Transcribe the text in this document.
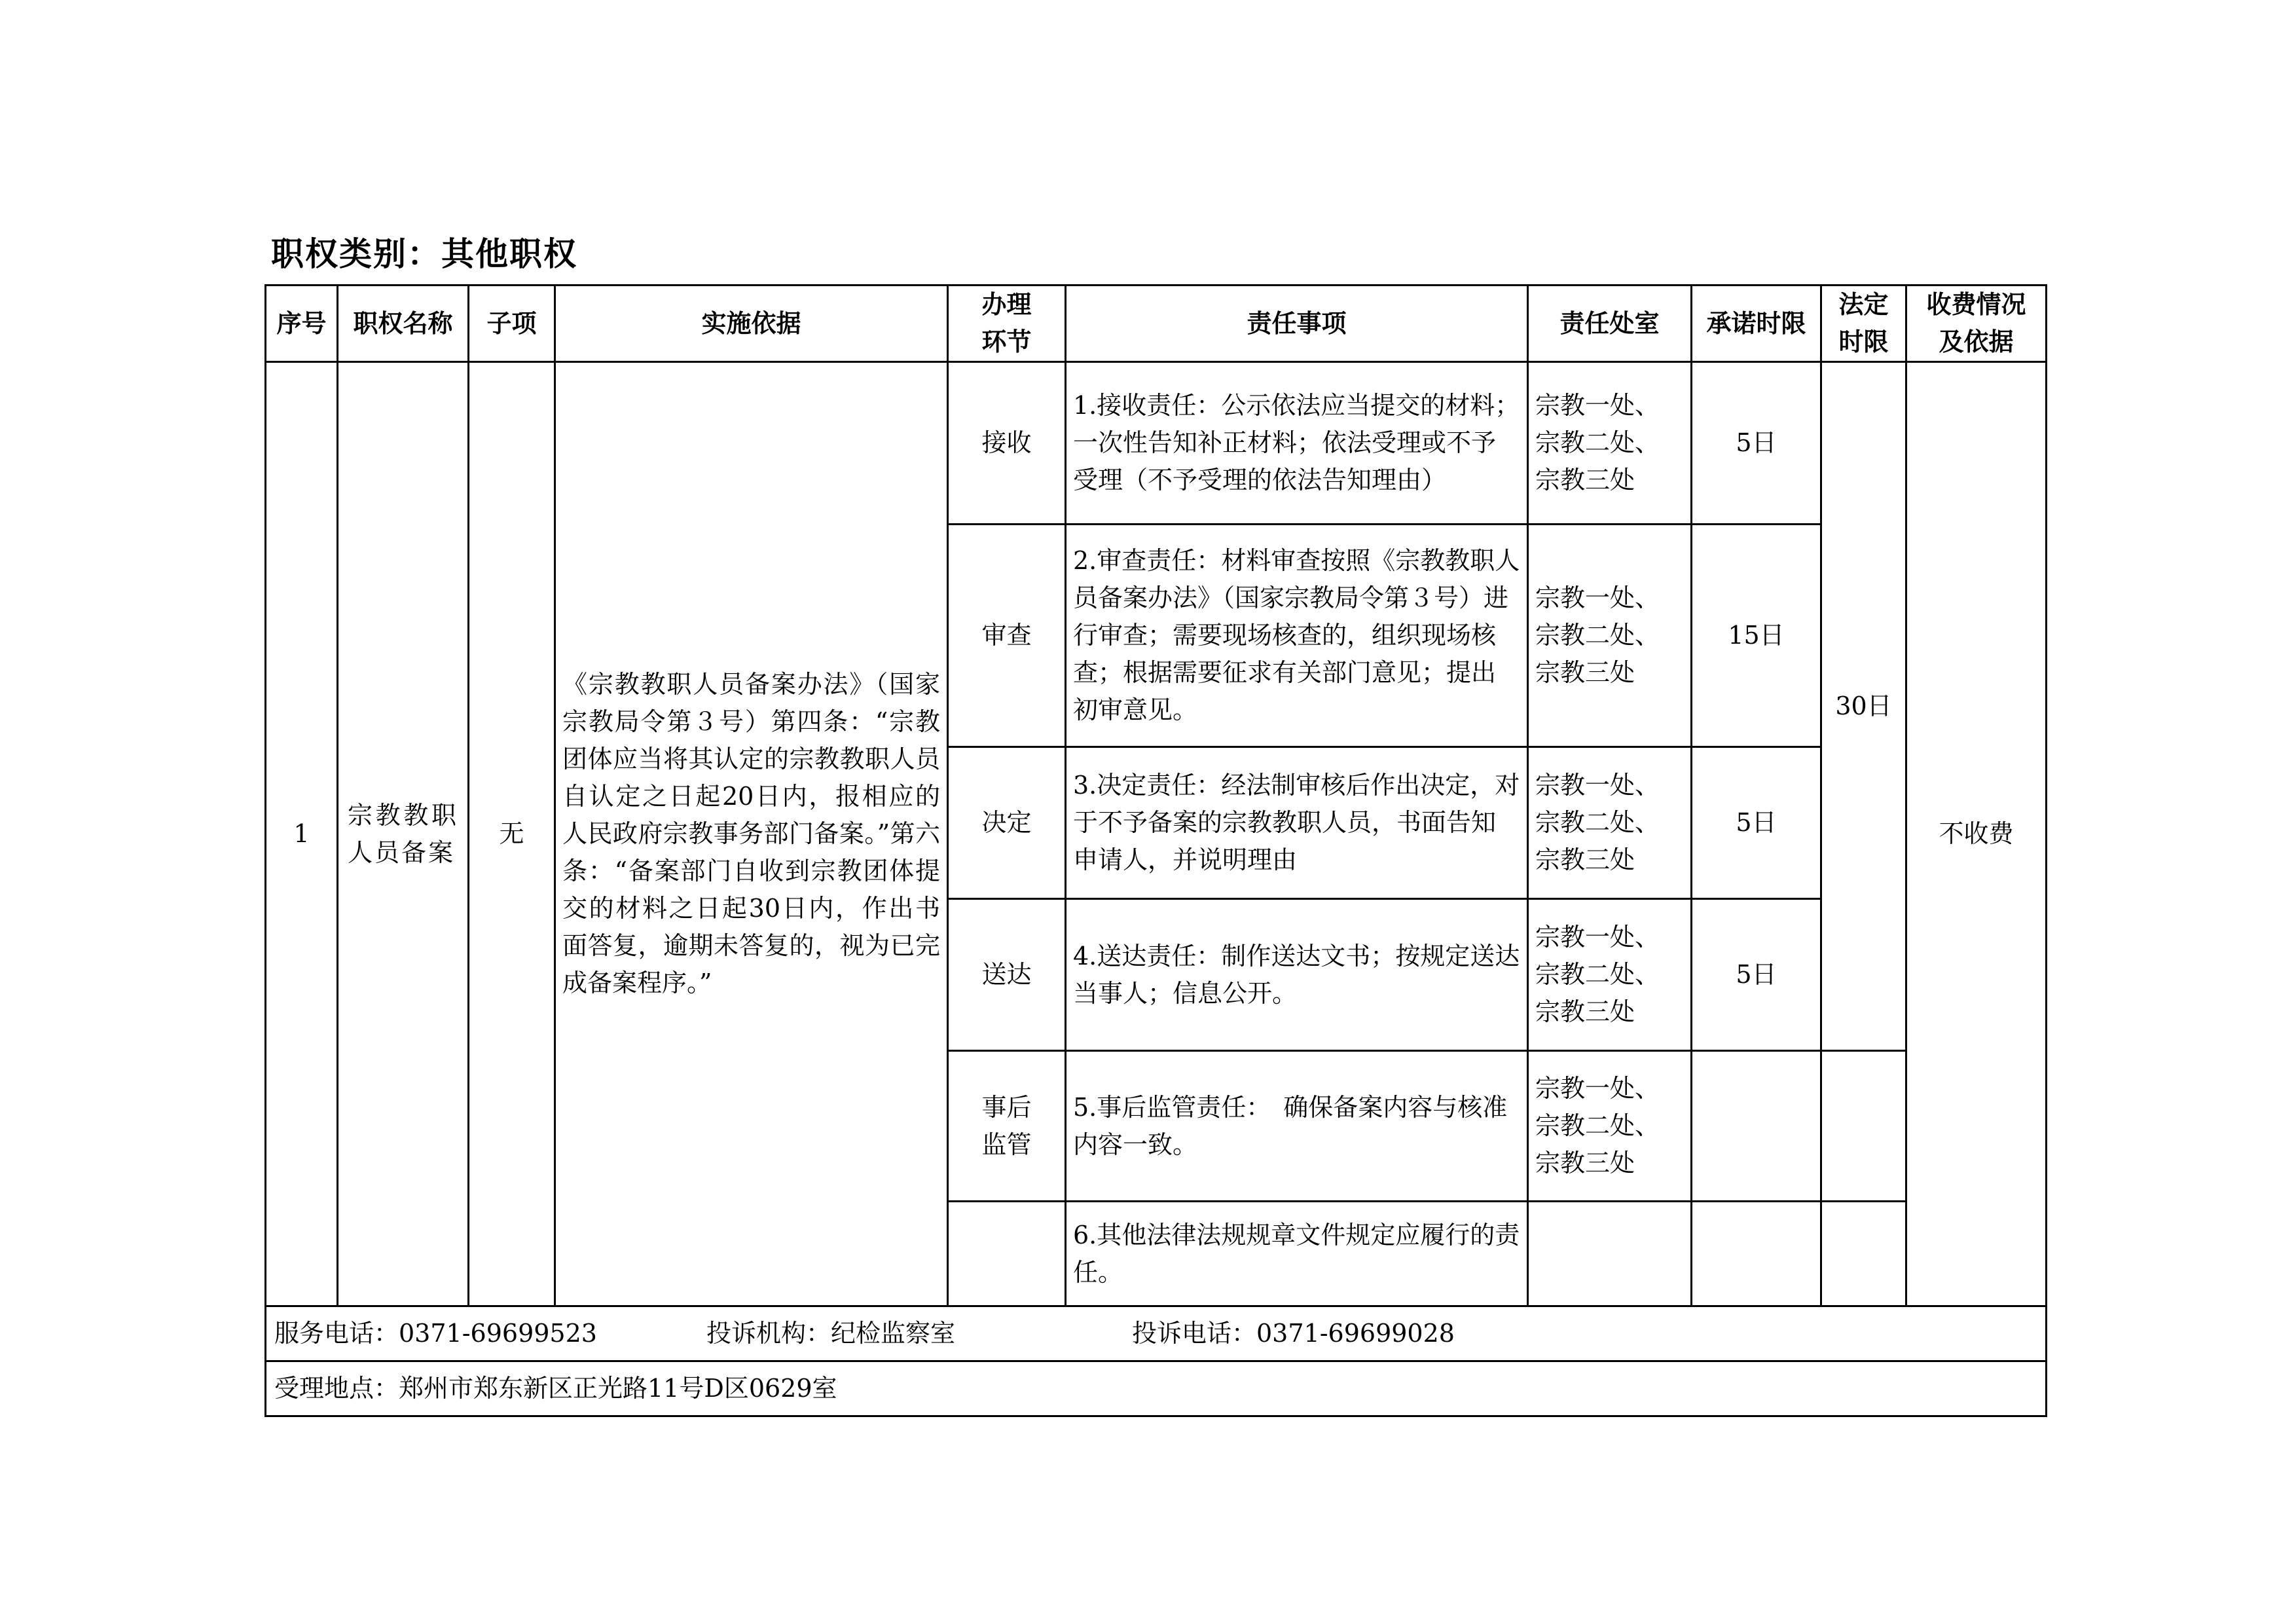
职权类别：其他职权
序号	职权名称	子项	实施依据	办理
环节	责任事项	责任处室	承诺时限	法定
时限	收费情况
及依据
1	宗教教职人员备案	无	《宗教教职人员备案办法》（国家宗教局令第３号）第四条：“宗教团体应当将其认定的宗教教职人员自认定之日起20日内，报相应的人民政府宗教事务部门备案。”第六条：“备案部门自收到宗教团体提交的材料之日起30日内，作出书面答复，逾期未答复的，视为已完成备案程序。”	接收	1.接收责任：公示依法应当提交的材料；一次性告知补正材料；依法受理或不予受理（不予受理的依法告知理由）	宗教一处、
宗教二处、
宗教三处	5日	30日	不收费
				审查	2.审查责任：材料审查按照《宗教教职人员备案办法》（国家宗教局令第３号）进行审查；需要现场核查的，组织现场核查；根据需要征求有关部门意见；提出初审意见。	宗教一处、
宗教二处、
宗教三处	15日		
				决定	3.决定责任：经法制审核后作出决定，对于不予备案的宗教教职人员，书面告知申请人，并说明理由	宗教一处、
宗教二处、
宗教三处	5日		
				送达	4.送达责任：制作送达文书；按规定送达当事人；信息公开。	宗教一处、
宗教二处、
宗教三处	5日		
				事后
监管	5.事后监管责任：　确保备案内容与核准内容一致。	宗教一处、
宗教二处、
宗教三处			

					6.其他法律法规规章文件规定应履行的责任。		

服务电话：0371-69699523 投诉机构：纪检监察室 投诉电话：0371-69699028									
受理地点：郑州市郑东新区正光路11号D区0629室									
